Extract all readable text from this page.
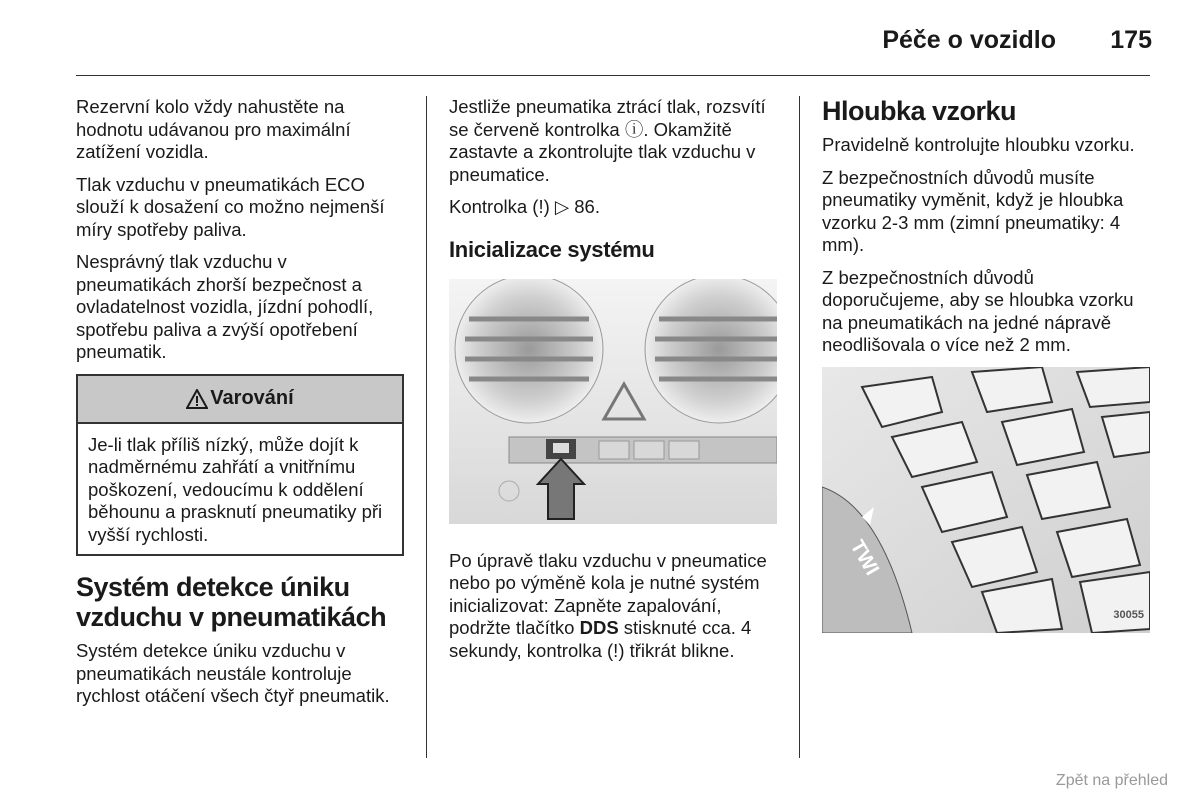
Péče o vozidlo 175

Rezervní kolo vždy nahustěte na hodnotu udávanou pro maximální zatížení vozidla.

Tlak vzduchu v pneumatikách ECO slouží k dosažení co možno nejmenší míry spotřeby paliva.

Nesprávný tlak vzduchu v pneumatikách zhorší bezpečnost a ovladatelnost vozidla, jízdní pohodlí, spotřebu paliva a zvýší opotřebení pneumatik.

Varování
Je-li tlak příliš nízký, může dojít k nadměrnému zahřátí a vnitřnímu poškození, vedoucímu k oddělení běhounu a prasknutí pneumatiky při vyšší rychlosti.
Systém detekce úniku vzduchu v pneumatikách

Systém detekce úniku vzduchu v pneumatikách neustále kontroluje rychlost otáčení všech čtyř pneumatik.

Jestliže pneumatika ztrácí tlak, rozsvítí se červeně kontrolka ⓘ. Okamžitě zastavte a zkontrolujte tlak vzduchu v pneumatice.

Kontrolka (!) ▷ 86.

Inicializace systému

Po úpravě tlaku vzduchu v pneumatice nebo po výměně kola je nutné systém inicializovat: Zapněte zapalování, podržte tlačítko DDS stisknuté cca. 4 sekundy, kontrolka (!) třikrát blikne.

Hloubka vzorku

Pravidelně kontrolujte hloubku vzorku.

Z bezpečnostních důvodů musíte pneumatiky vyměnit, když je hloubka vzorku 2-3 mm (zimní pneumatiky: 4 mm).

Z bezpečnostních důvodů doporučujeme, aby se hloubka vzorku na pneumatikách na jedné nápravě neodlišovala o více než 2 mm.

TWI
30055
Zpět na přehled
